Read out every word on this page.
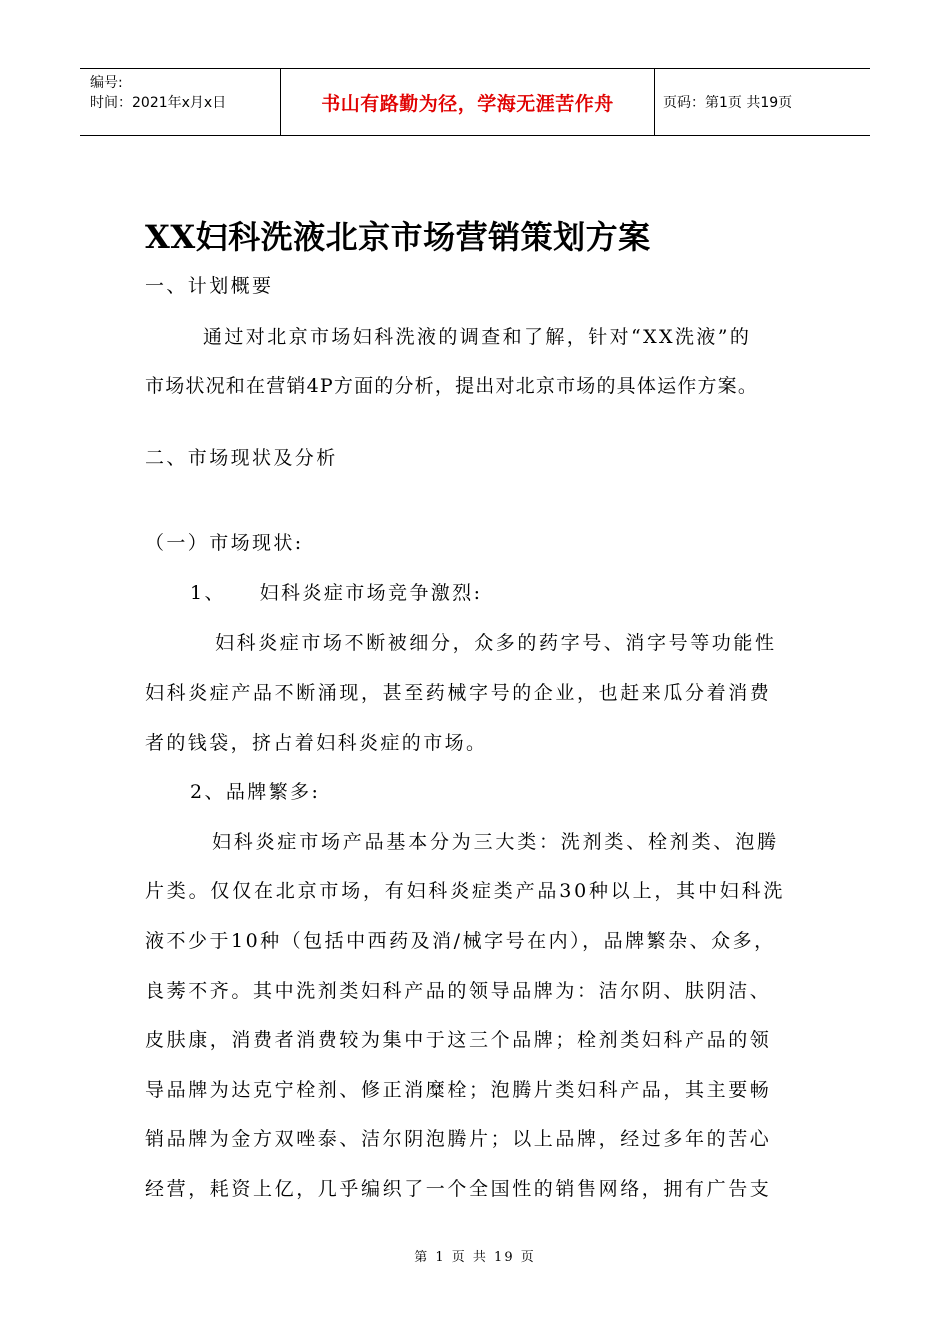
编号:
时间：2021年x月x日	书山有路勤为径，学海无涯苦作舟	页码：第1页 共19页
XX妇科洗液北京市场营销策划方案
一、计划概要
通过对北京市场妇科洗液的调查和了解，针对“XX洗液”的
市场状况和在营销4P方面的分析，提出对北京市场的具体运作方案。
二、市场现状及分析
（一）市场现状:
1、    妇科炎症市场竞争激烈:
妇科炎症市场不断被细分，众多的药字号、消字号等功能性
妇科炎症产品不断涌现，甚至药械字号的企业，也赶来瓜分着消费
者的钱袋，挤占着妇科炎症的市场。
2、品牌繁多:
妇科炎症市场产品基本分为三大类：洗剂类、栓剂类、泡腾
片类。仅仅在北京市场，有妇科炎症类产品30种以上，其中妇科洗
液不少于10种（包括中西药及消/械字号在内），品牌繁杂、众多，
良莠不齐。其中洗剂类妇科产品的领导品牌为：洁尔阴、肤阴洁、
皮肤康，消费者消费较为集中于这三个品牌；栓剂类妇科产品的领
导品牌为达克宁栓剂、修正消糜栓；泡腾片类妇科产品，其主要畅
销品牌为金方双唑泰、洁尔阴泡腾片；以上品牌，经过多年的苦心
经营，耗资上亿，几乎编织了一个全国性的销售网络，拥有广告支
第 1 页 共 19 页
